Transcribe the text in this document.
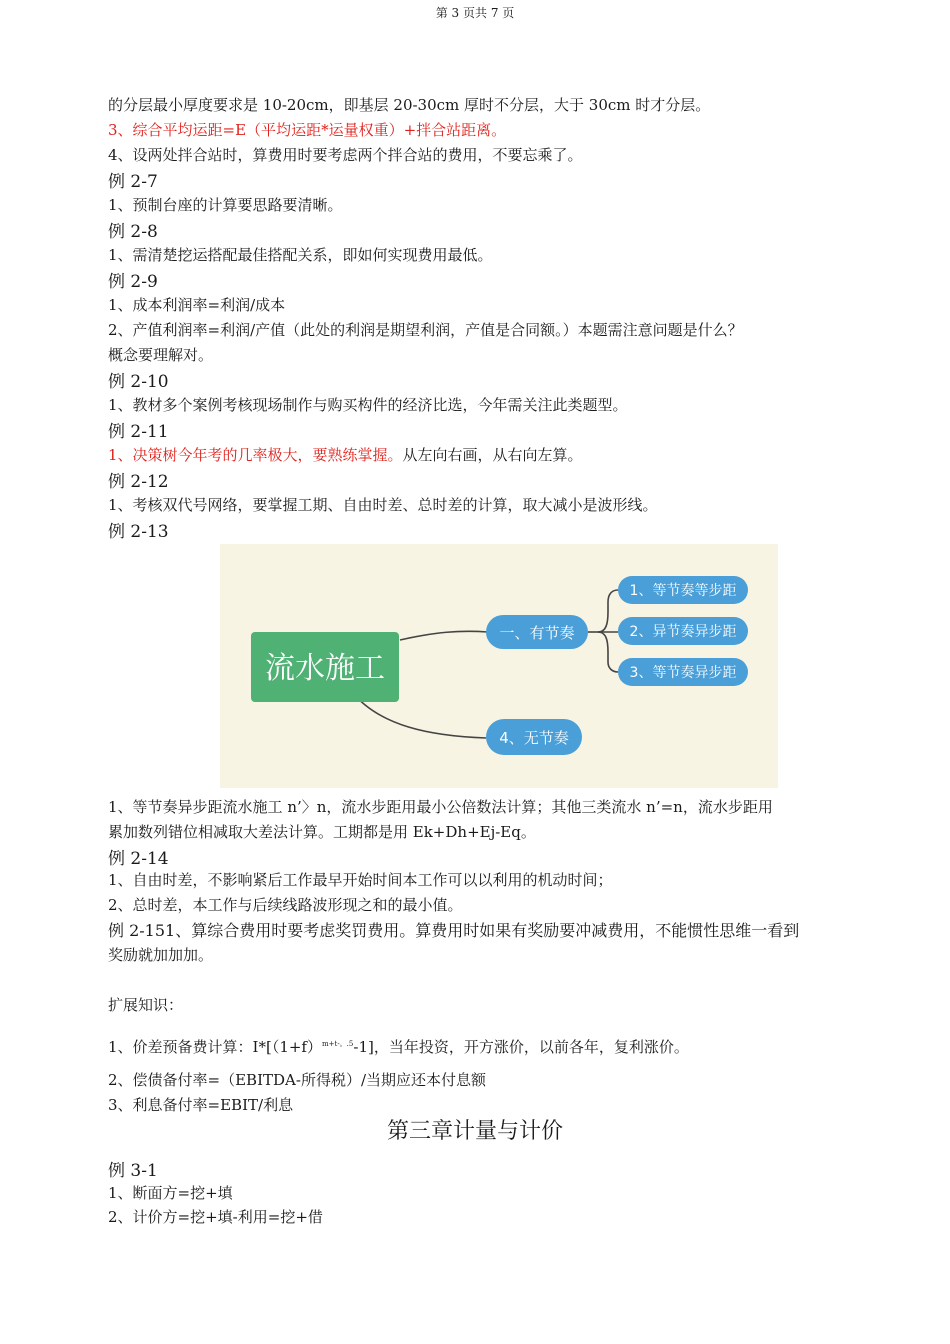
第 3 页共 7 页
的分层最小厚度要求是 10-20cm，即基层 20-30cm 厚时不分层，大于 30cm 时才分层。
3、综合平均运距=E（平均运距*运量权重）+拌合站距离。
4、设两处拌合站时，算费用时要考虑两个拌合站的费用，不要忘乘了。
例 2-7
1、预制台座的计算要思路要清晰。
例 2-8
1、需清楚挖运搭配最佳搭配关系，即如何实现费用最低。
例 2-9
1、成本利润率=利润/成本
2、产值利润率=利润/产值（此处的利润是期望利润，产值是合同额。）本题需注意问题是什么？
概念要理解对。
例 2-10
1、教材多个案例考核现场制作与购买构件的经济比选，今年需关注此类题型。
例 2-11
1、决策树今年考的几率极大，要熟练掌握。从左向右画，从右向左算。
例 2-12
1、考核双代号网络，要掌握工期、自由时差、总时差的计算，取大减小是波形线。
例 2-13
流水施工
一、有节奏
1、等节奏等步距
2、异节奏异步距
3、等节奏异步距
4、无节奏
1、等节奏异步距流水施工 n’〉n，流水步距用最小公倍数法计算；其他三类流水 n’=n，流水步距用
累加数列错位相减取大差法计算。工期都是用 Ek+Dh+Ej-Eq。
例 2-14
1、自由时差，不影响紧后工作最早开始时间本工作可以以利用的机动时间；
2、总时差，本工作与后续线路波形现之和的最小值。
例 2-151、算综合费用时要考虑奖罚费用。算费用时如果有奖励要冲减费用，不能惯性思维一看到
奖励就加加加。
扩展知识：
1、价差预备费计算：$I*[(1+f)^{m+t-。.5}-1]$，当年投资，开方涨价，以前各年，复利涨价。
2、偿债备付率=（EBITDA-所得税）/当期应还本付息额
3、利息备付率=EBIT/利息
第三章计量与计价
例 3-1
1、断面方=挖+填
2、计价方=挖+填-利用=挖+借
